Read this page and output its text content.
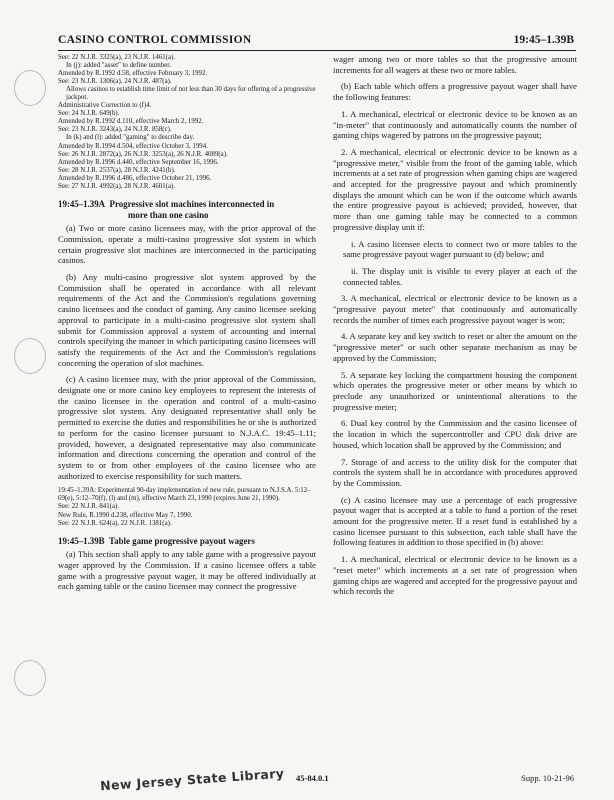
CASINO CONTROL COMMISSION	19:45–1.39B
See: 22 N.J.R. 3325(a), 23 N.J.R. 1461(a).
In (j): added "asset" to define number.
Amended by R.1992 d.58, effective February 3, 1992.
See: 23 N.J.R. 1306(a), 24 N.J.R. 487(a).
Allows casinos to establish time limit of not less than 30 days for offering of a progressive jackpot.
Administrative Correction to (f)4.
See: 24 N.J.R. 649(b).
Amended by R.1992 d.110, effective March 2, 1992.
See: 23 N.J.R. 3243(a), 24 N.J.R. 858(c).
In (k) and (l): added "gaming" to describe day.
Amended by R.1994 d.504, effective October 3, 1994.
See: 26 N.J.R. 2872(a), 26 N.J.R. 3253(a), 26 N.J.R. 4089(a).
Amended by R.1996 d.440, effective September 16, 1996.
See: 28 N.J.R. 2537(a), 28 N.J.R. 4241(b).
Amended by R.1996 d.486, effective October 21, 1996.
See: 27 N.J.R. 4992(a), 28 N.J.R. 4601(a).
19:45–1.39A Progressive slot machines interconnected in
more than one casino

(a) Two or more casino licensees may, with the prior approval of the Commission, operate a multi-casino progressive slot system in which certain progressive slot machines are interconnected in the participating casinos.

(b) Any multi-casino progressive slot system approved by the Commission shall be operated in accordance with all relevant requirements of the Act and the Commission's regulations governing casino licensees and the conduct of gaming. Any casino licensee seeking approval to participate in a multi-casino progressive slot system shall submit for Commission approval a system of accounting and internal controls specifying the manner in which participating casino licensees will satisfy the requirements of the Act and the Commission's regulations concerning the operation of slot machines.

(c) A casino licensee may, with the prior approval of the Commission, designate one or more casino key employees to represent the interests of the casino licensee in the operation and control of a multi-casino progressive slot system. Any designated representative shall only be permitted to exercise the duties and responsibilities he or she is authorized to perform for the casino licensee pursuant to N.J.A.C. 19:45–1.11; provided, however, a designated representative may also communicate information and directions concerning the operation and control of the system to or from other employees of the casino licensee who are authorized to exercise responsibility for such matters.

19:45–1.39A: Experimental 90-day implementation of new rule, pursuant to N.J.S.A. 5:12–69(e), 5:12–70(f), (l) and (m), effective March 23, 1990 (expires June 21, 1990).
See: 22 N.J.R. 841(a).
New Rule, R.1990 d.238, effective May 7, 1990.
See: 22 N.J.R. 624(a), 22 N.J.R. 1381(a).
19:45–1.39B Table game progressive payout wagers

(a) This section shall apply to any table game with a progressive payout wager approved by the Commission. If a casino licensee offers a table game with a progressive payout wager, it may be offered individually at each gaming table or the casino licensee may connect the progressive

wager among two or more tables so that the progressive amount increments for all wagers at these two or more tables.

(b) Each table which offers a progressive payout wager shall have the following features:

1. A mechanical, electrical or electronic device to be known as an "in-meter" that continuously and automatically counts the number of gaming chips wagered by patrons on the progressive payout;
2. A mechanical, electrical or electronic device to be known as a "progressive meter," visible from the front of the gaming table, which increments at a set rate of progression when gaming chips are wagered and accepted for the progressive payout and which prominently displays the amount which can be won if the outcome which awards the entire progressive payout is achieved; provided, however, that more than one gaming table may be connected to a common progressive display unit if:
i. A casino licensee elects to connect two or more tables to the same progressive payout wager pursuant to (d) below; and
ii. The display unit is visible to every player at each of the connected tables.
3. A mechanical, electrical or electronic device to be known as a "progressive payout meter" that continuously and automatically records the number of times each progressive payout wager is won;
4. A separate key and key switch to reset or alter the amount on the "progressive meter" or such other separate mechanism as may be approved by the Commission;
5. A separate key locking the compartment housing the component which operates the progressive meter or other means by which to preclude any unauthorized or unintentional alterations to the progressive meter;
6. Dual key control by the Commission and the casino licensee of the location in which the supercontroller and CPU disk drive are housed, which location shall be approved by the Commission; and
7. Storage of and access to the utility disk for the computer that controls the system shall be in accordance with procedures approved by the Commission.

(c) A casino licensee may use a percentage of each progressive payout wager that is accepted at a table to fund a portion of the reset amount for the progressive meter. If a reset fund is established by a casino licensee pursuant to this subsection, each table shall have the following features in addition to those specified in (b) above:

1. A mechanical, electrical or electronic device to be known as a "reset meter" which increments at a set rate of progression when gaming chips are wagered and accepted for the progressive payout and which records the
New Jersey State Library 45-84.0.1	Supp. 10-21-96
